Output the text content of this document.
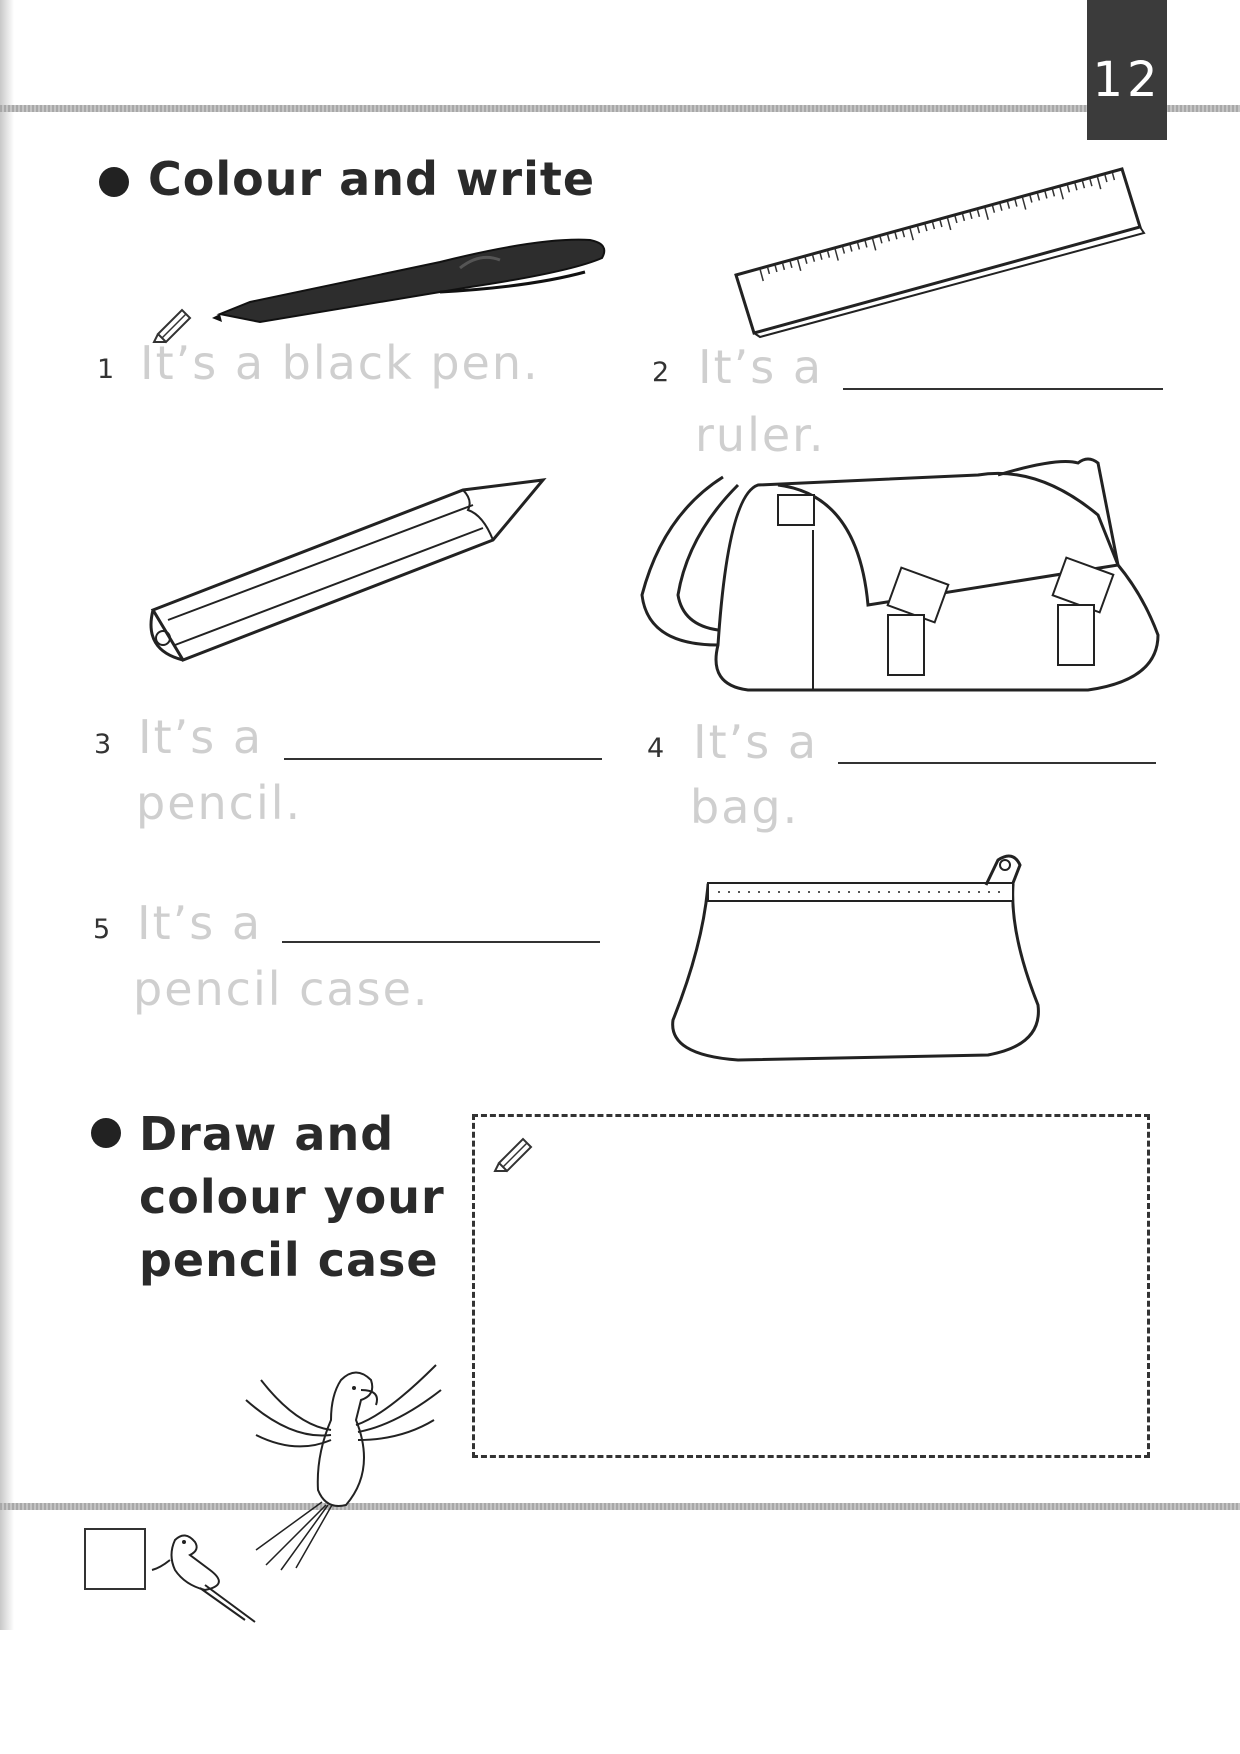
12
Colour and write
1 It’s a black pen.	2 It’s a
ruler.
3 It’s a
pencil.
4 It’s a
bag.
5 It’s a
pencil case.
Draw and
colour your
pencil case
